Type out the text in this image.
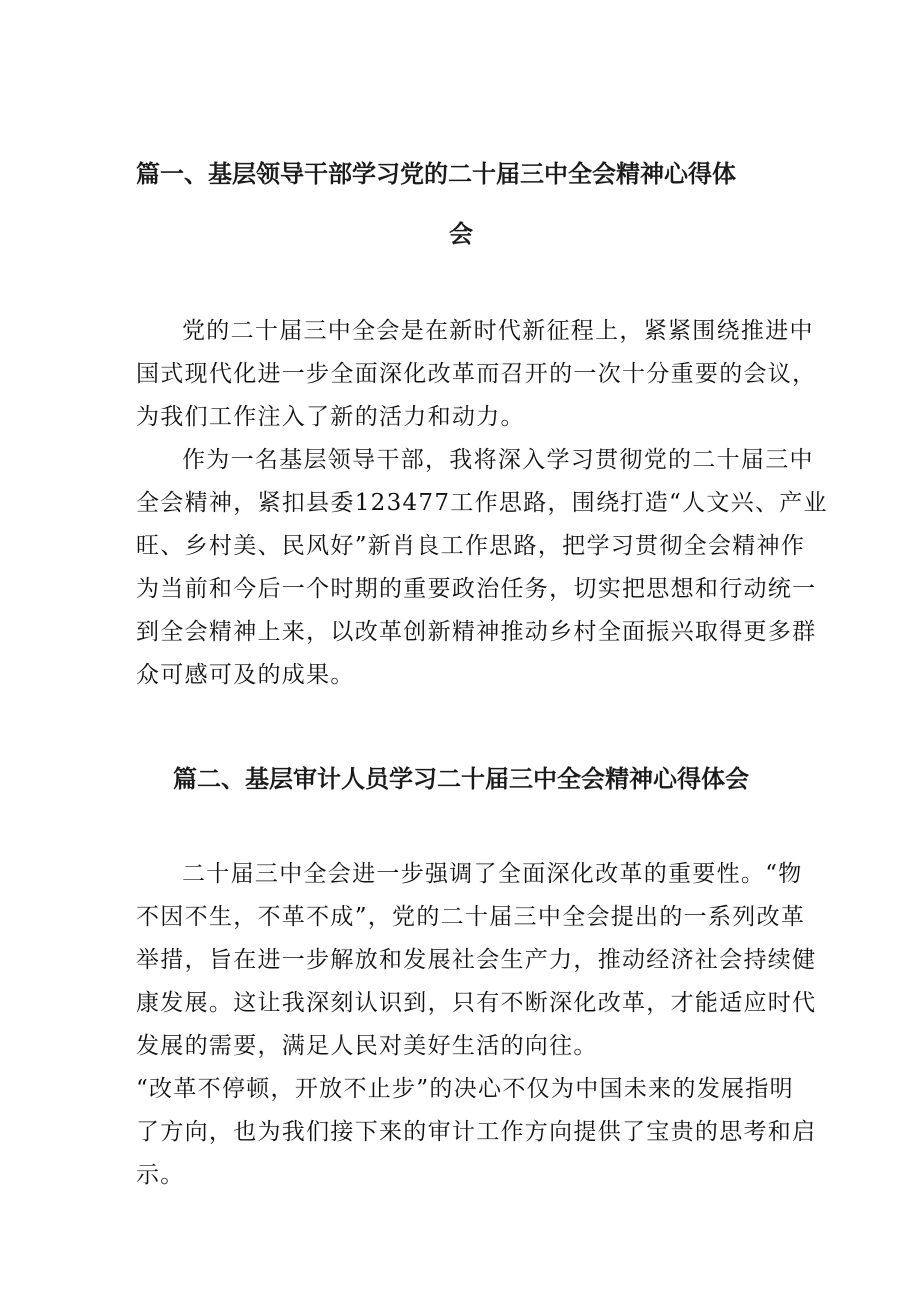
篇一、基层领导干部学习党的二十届三中全会精神心得体
会

党的二十届三中全会是在新时代新征程上，紧紧围绕推进中
国式现代化进一步全面深化改革而召开的一次十分重要的会议，
为我们工作注入了新的活力和动力。

作为一名基层领导干部，我将深入学习贯彻党的二十届三中
全会精神，紧扣县委123477工作思路，围绕打造“人文兴、产业
旺、乡村美、民风好”新肖良工作思路，把学习贯彻全会精神作
为当前和今后一个时期的重要政治任务，切实把思想和行动统一
到全会精神上来，以改革创新精神推动乡村全面振兴取得更多群
众可感可及的成果。

篇二、基层审计人员学习二十届三中全会精神心得体会

二十届三中全会进一步强调了全面深化改革的重要性。“物
不因不生，不革不成”，党的二十届三中全会提出的一系列改革
举措，旨在进一步解放和发展社会生产力，推动经济社会持续健
康发展。这让我深刻认识到，只有不断深化改革，才能适应时代
发展的需要，满足人民对美好生活的向往。

“改革不停顿，开放不止步”的决心不仅为中国未来的发展指明
了方向，也为我们接下来的审计工作方向提供了宝贵的思考和启
示。
